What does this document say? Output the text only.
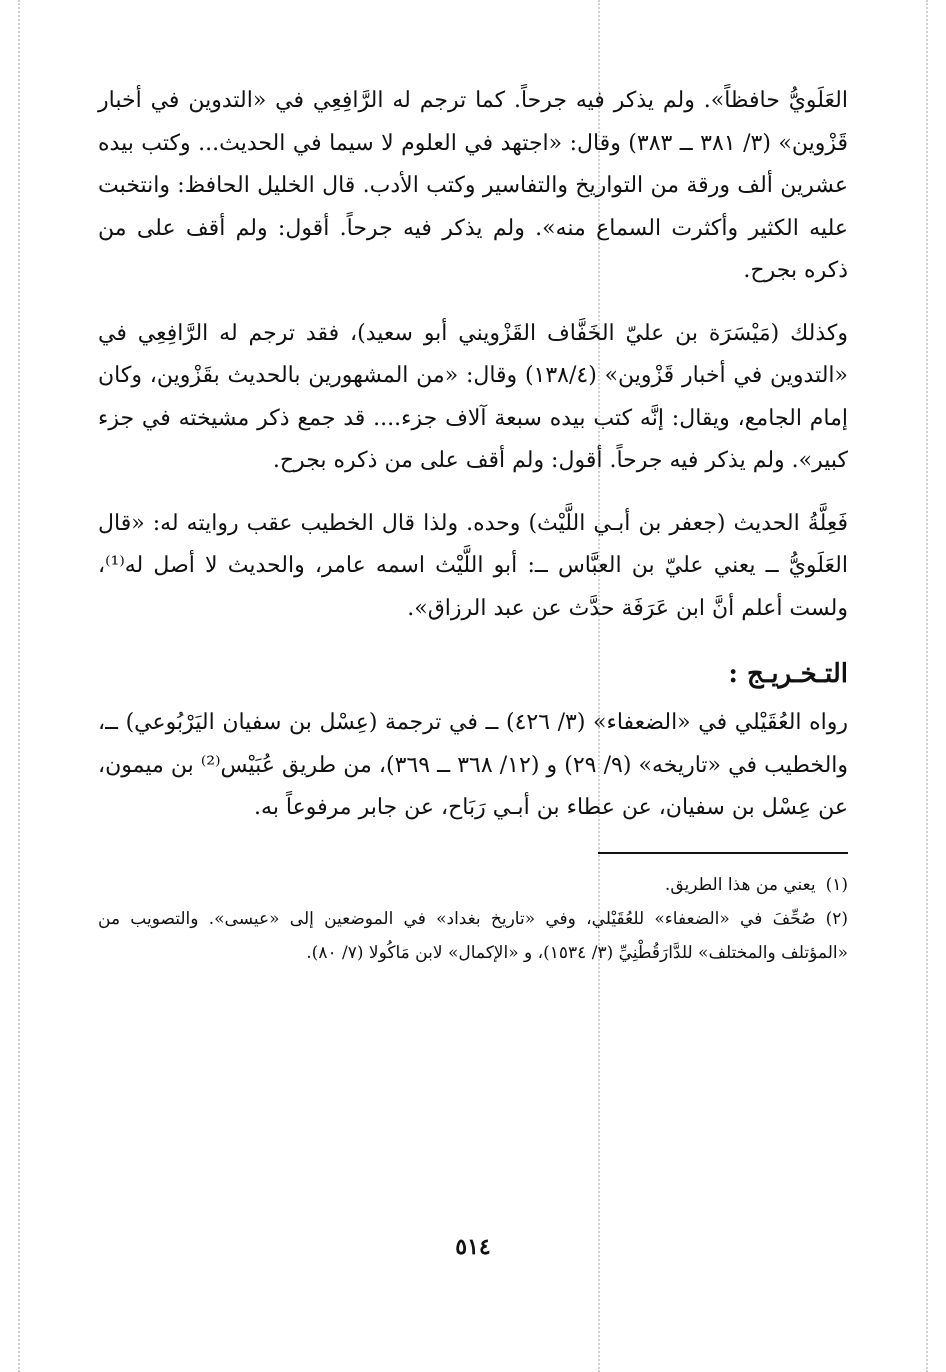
العَلَويُّ حافظاً». ولم يذكر فيه جرحاً. كما ترجم له الرَّافِعِي في «التدوين في أخبار قَزْوين» (٣/ ٣٨١ ــ ٣٨٣) وقال: «اجتهد في العلوم لا سيما في الحديث... وكتب بيده عشرين ألف ورقة من التواريخ والتفاسير وكتب الأدب. قال الخليل الحافظ: وانتخبت عليه الكثير وأكثرت السماع منه». ولم يذكر فيه جرحاً. أقول: ولم أقف على من ذكره بجرح.

وكذلك (مَيْسَرَة بن عليّ الخَفَّاف القَزْويني أبو سعيد)، فقد ترجم له الرَّافِعِي في «التدوين في أخبار قَزْوين» (١٣٨/٤) وقال: «من المشهورين بالحديث بقَزْوين، وكان إمام الجامع، ويقال: إنَّه كتب بيده سبعة آلاف جزء.... قد جمع ذكر مشيخته في جزء كبير». ولم يذكر فيه جرحاً. أقول: ولم أقف على من ذكره بجرح.

فَعِلَّةُ الحديث (جعفر بن أبـي اللَّيْث) وحده. ولذا قال الخطيب عقب روايته له: «قال العَلَويُّ ــ يعني عليّ بن العبَّاس ــ: أبو اللَّيْث اسمه عامر، والحديث لا أصل له⁽¹⁾، ولست أعلم أنَّ ابن عَرَفَة حدَّث عن عبد الرزاق».

التـخـريـج :

رواه العُقَيْلي في «الضعفاء» (٣/ ٤٢٦) ــ في ترجمة (عِسْل بن سفيان اليَرْبُوعي) ــ، والخطيب في «تاريخه» (٩/ ٢٩) و (١٢/ ٣٦٨ ــ ٣٦٩)، من طريق عُبَيْس⁽²⁾ بن ميمون، عن عِسْل بن سفيان، عن عطاء بن أبـي رَبَاح، عن جابر مرفوعاً به.

(١)يعني من هذا الطريق.

(٢)صُحِّفَ في «الضعفاء» للعُقَيْلي، وفي «تاريخ بغداد» في الموضعين إلى «عيسى». والتصويب من «المؤتلف والمختلف» للدَّارَقُطْنِيِّ (٣/ ١٥٣٤)، و «الإكمال» لابن مَاكُولا (٧/ ٨٠).

٥١٤
